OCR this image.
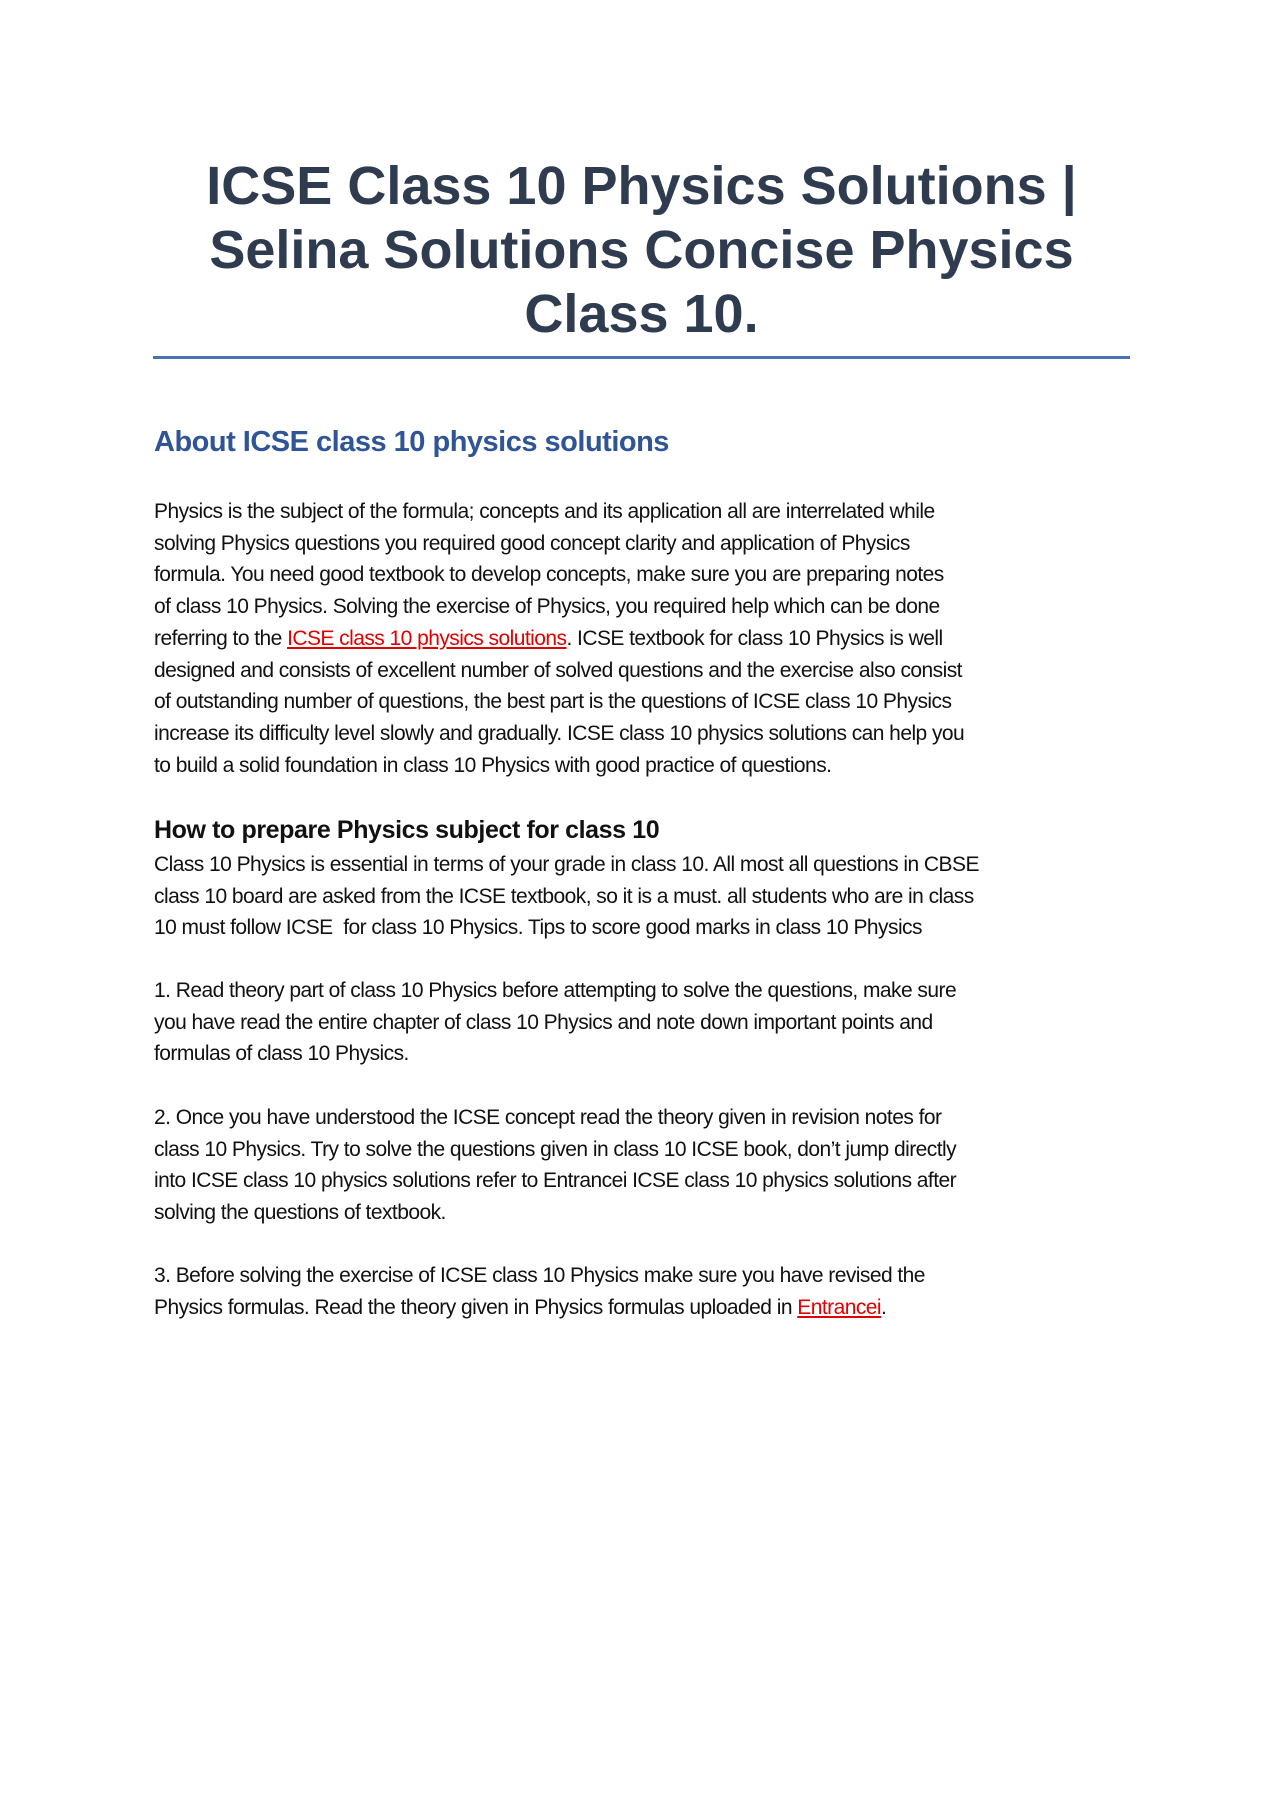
ICSE Class 10 Physics Solutions |
Selina Solutions Concise Physics
Class 10.
About ICSE class 10 physics solutions

Physics is the subject of the formula; concepts and its application all are interrelated while
solving Physics questions you required good concept clarity and application of Physics
formula. You need good textbook to develop concepts, make sure you are preparing notes
of class 10 Physics. Solving the exercise of Physics, you required help which can be done
referring to the ICSE class 10 physics solutions. ICSE textbook for class 10 Physics is well
designed and consists of excellent number of solved questions and the exercise also consist
of outstanding number of questions, the best part is the questions of ICSE class 10 Physics
increase its difficulty level slowly and gradually. ICSE class 10 physics solutions can help you
to build a solid foundation in class 10 Physics with good practice of questions.

How to prepare Physics subject for class 10

Class 10 Physics is essential in terms of your grade in class 10. All most all questions in CBSE
class 10 board are asked from the ICSE textbook, so it is a must. all students who are in class
10 must follow ICSE  for class 10 Physics. Tips to score good marks in class 10 Physics

1. Read theory part of class 10 Physics before attempting to solve the questions, make sure
you have read the entire chapter of class 10 Physics and note down important points and
formulas of class 10 Physics.

2. Once you have understood the ICSE concept read the theory given in revision notes for
class 10 Physics. Try to solve the questions given in class 10 ICSE book, don’t jump directly
into ICSE class 10 physics solutions refer to Entrancei ICSE class 10 physics solutions after
solving the questions of textbook.

3. Before solving the exercise of ICSE class 10 Physics make sure you have revised the
Physics formulas. Read the theory given in Physics formulas uploaded in Entrancei.
